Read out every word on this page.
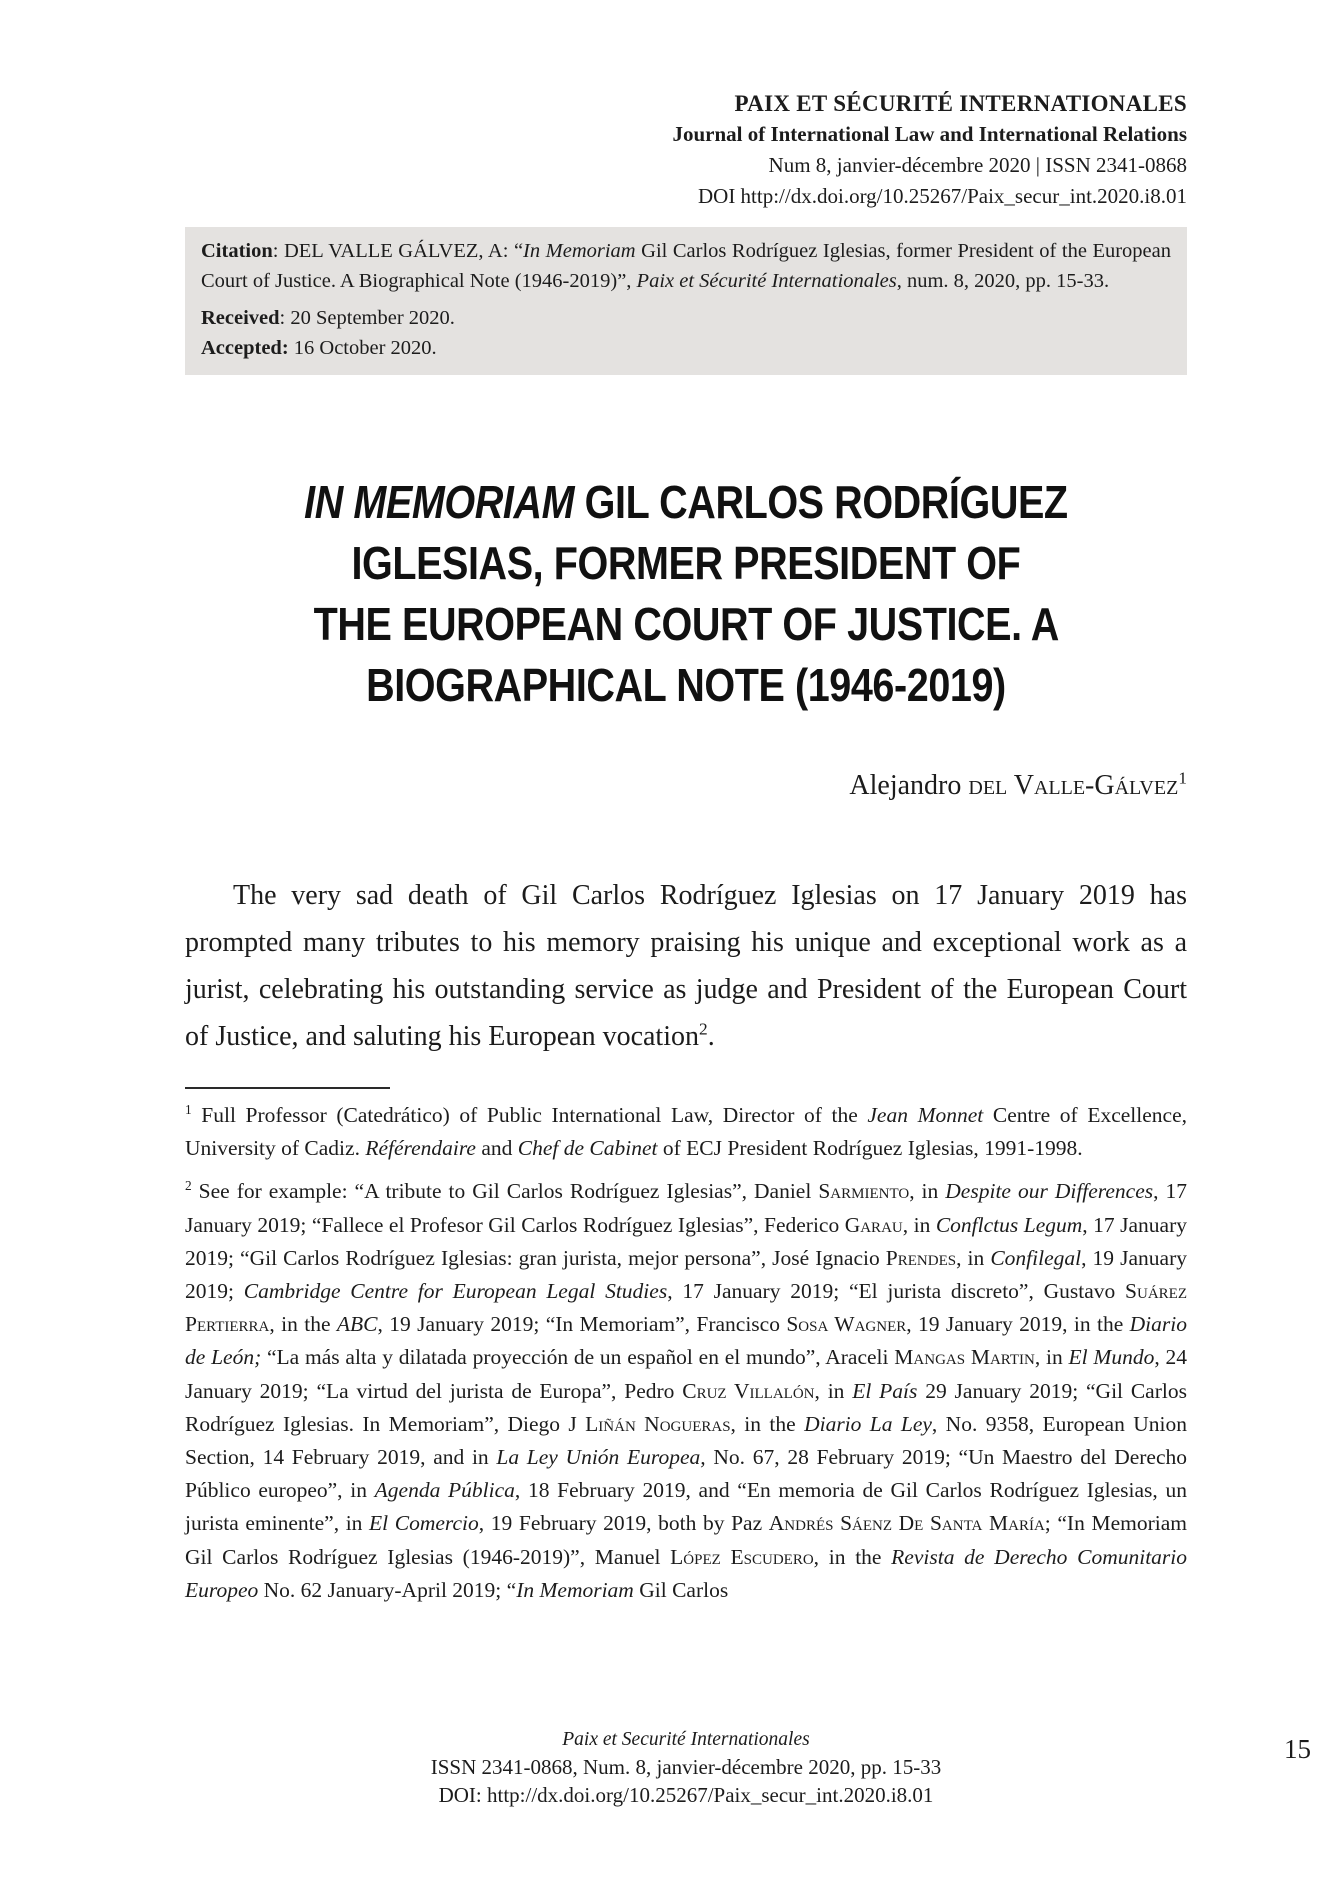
PAIX ET SÉCURITÉ INTERNATIONALES
Journal of International Law and International Relations
Num 8, janvier-décembre 2020 | ISSN 2341-0868
DOI http://dx.doi.org/10.25267/Paix_secur_int.2020.i8.01

Citation: DEL VALLE GÁLVEZ, A: “In Memoriam Gil Carlos Rodríguez Iglesias, former President of the European Court of Justice. A Biographical Note (1946-2019)”, Paix et Sécurité Internationales, num. 8, 2020, pp. 15-33.

Received: 20 September 2020.

Accepted: 16 October 2020.

IN MEMORIAM GIL CARLOS RODRÍGUEZ
IGLESIAS, FORMER PRESIDENT OF
THE EUROPEAN COURT OF JUSTICE. A
BIOGRAPHICAL NOTE (1946-2019)
Alejandro del Valle-Gálvez$^1$

The very sad death of Gil Carlos Rodríguez Iglesias on 17 January 2019 has prompted many tributes to his memory praising his unique and exceptional work as a jurist, celebrating his outstanding service as judge and President of the European Court of Justice, and saluting his European vocation$^2$.

$^1$ Full Professor (Catedrático) of Public International Law, Director of the Jean Monnet Centre of Excellence, University of Cadiz. Référendaire and Chef de Cabinet of ECJ President Rodríguez Iglesias, 1991-1998.
$^2$ See for example: “A tribute to Gil Carlos Rodríguez Iglesias”, Daniel Sarmiento, in Despite our Differences, 17 January 2019; “Fallece el Profesor Gil Carlos Rodríguez Iglesias”, Federico Garau, in Conflctus Legum, 17 January 2019; “Gil Carlos Rodríguez Iglesias: gran jurista, mejor persona”, José Ignacio Prendes, in Confilegal, 19 January 2019; Cambridge Centre for European Legal Studies, 17 January 2019; “El jurista discreto”, Gustavo Suárez Pertierra, in the ABC, 19 January 2019; “In Memoriam”, Francisco Sosa Wagner, 19 January 2019, in the Diario de León; “La más alta y dilatada proyección de un español en el mundo”, Araceli Mangas Martin, in El Mundo, 24 January 2019; “La virtud del jurista de Europa”, Pedro Cruz Villalón, in El País 29 January 2019; “Gil Carlos Rodríguez Iglesias. In Memoriam”, Diego J Liñán Nogueras, in the Diario La Ley, No. 9358, European Union Section, 14 February 2019, and in La Ley Unión Europea, No. 67, 28 February 2019; “Un Maestro del Derecho Público europeo”, in Agenda Pública, 18 February 2019, and “En memoria de Gil Carlos Rodríguez Iglesias, un jurista eminente”, in El Comercio, 19 February 2019, both by Paz Andrés Sáenz De Santa María; “In Memoriam Gil Carlos Rodríguez Iglesias (1946-2019)”, Manuel López Escudero, in the Revista de Derecho Comunitario Europeo No. 62 January-April 2019; “In Memoriam Gil Carlos
Paix et Securité Internationales
ISSN 2341-0868, Num. 8, janvier-décembre 2020, pp. 15-33
DOI: http://dx.doi.org/10.25267/Paix_secur_int.2020.i8.01
15
